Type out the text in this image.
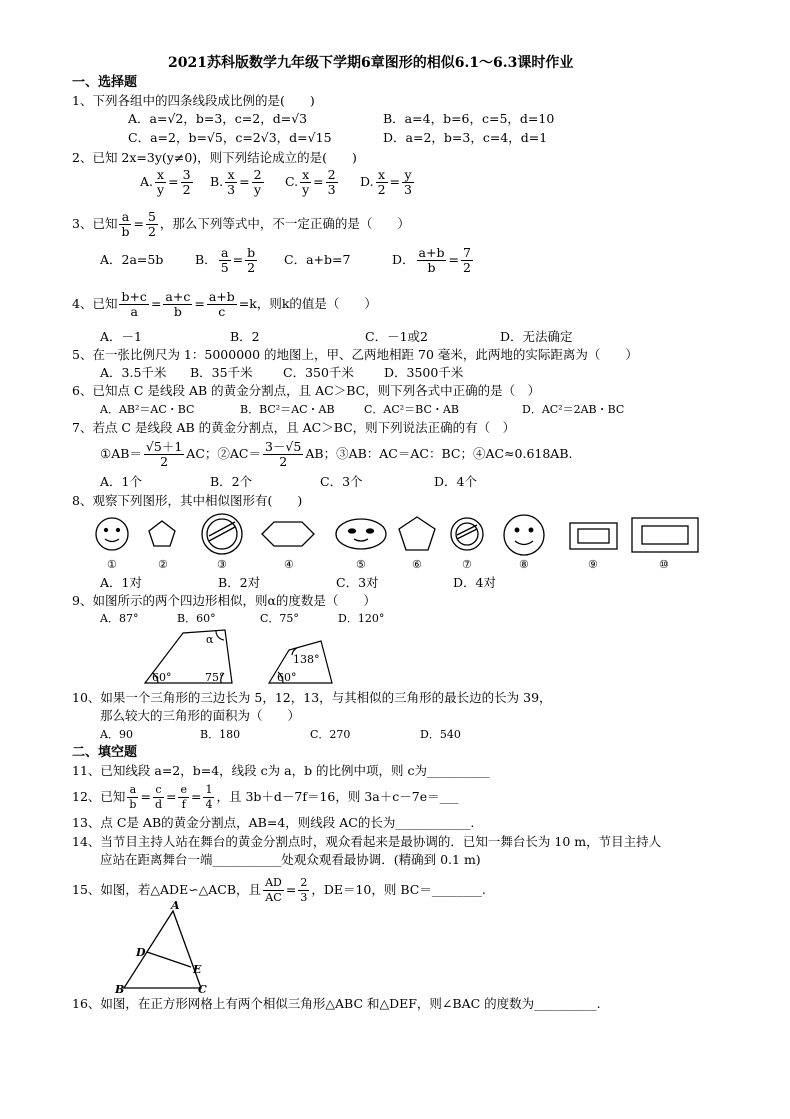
2021苏科版数学九年级下学期6章图形的相似6.1～6.3课时作业
一、选择题
1、下列各组中的四条线段成比例的是(　　)
A．a=√2，b=3，c=2，d=√3	B．a=4，b=6，c=5，d=10
C．a=2，b=√5，c=2√3，d=√15	D．a=2，b=3，c=4，d=1
2、已知 2x=3y(y≠0)，则下列结论成立的是(　　)
A. $\frac{x}{y} = \frac{3}{2} B$. $\frac{x}{3} = \frac{2}{y} C$. $\frac{x}{y} = \frac{2}{3} D$. $\frac{x}{2} = \frac{y}{3}$
3、已知 $\frac{a}{b} = \frac{5}{2}$ ，那么下列等式中，不一定正确的是（　　）
A．2a=5b	B． $\frac{a}{5} = \frac{b}{2}$ C．a+b=7	D． $\frac{a+b}{b} = \frac{7}{2}$
4、已知 $\frac{b+c}{a} = \frac{a+c}{b} = \frac{a+b}{c} =k$，则k的值是（　　）
A．－1	B．2	C．－1或2	D．无法确定
5、在一张比例尺为 1：5000000 的地图上，甲、乙两地相距 70 毫米，此两地的实际距离为（　　）
A．3.5千米 B．35千米 C．350千米 D．3500千米
6、已知点 C 是线段 AB 的黄金分割点，且 AC＞BC，则下列各式中正确的是（　）
A．AB²＝AC・BC	B．BC²＝AC・AB	C．AC²＝BC・AB	D．AC²＝2AB・BC
7、若点 C 是线段 AB 的黄金分割点，且 AC＞BC，则下列说法正确的有（　）
①AB＝ $\frac{√5+1}{2}$ AC；②AC＝ $\frac{3-√5}{2}$ AB；③AB：AC＝AC：BC；④AC≈0.618AB.
A．1个	B．2个	C．3个	D．4个
8、观察下列图形，其中相似图形有(　　)
①	②	③	④	⑤	⑥	⑦	⑧	⑨	⑩
A．1对	B．2对	C．3对	D．4对
9、如图所示的两个四边形相似，则α的度数是（　　）
A．87°	B．60°	C．75°	D．120°
α
60°	75°
138°
60°
10、如果一个三角形的三边长为 5，12，13，与其相似的三角形的最长边的长为 39，
那么较大的三角形的面积为（　　）
A．90	B．180	C．270	D．540
二、填空题
11、已知线段 a=2，b=4，线段 c为 a，b 的比例中项，则 c为__________
12、已知 $\frac{a}{b} = \frac{c}{d} = \frac{e}{f} = \frac{1}{4}$ ，且 3b＋d－7f＝16，则 3a＋c－7e＝___
13、点 C是 AB的黄金分割点，AB=4，则线段 AC的长为____________.
14、当节目主持人站在舞台的黄金分割点时，观众看起来是最协调的．已知一舞台长为 10 m，节目主持人
应站在距离舞台一端___________处观众观看最协调．(精确到 0.1 m)
15、如图，若△ADE∽△ACB，且 $\frac{AD}{AC} = \frac{2}{3}$ ，DE＝10，则 BC＝________.
A
D
E
B	C
16、如图，在正方形网格上有两个相似三角形△ABC 和△DEF，则∠BAC 的度数为__________.
